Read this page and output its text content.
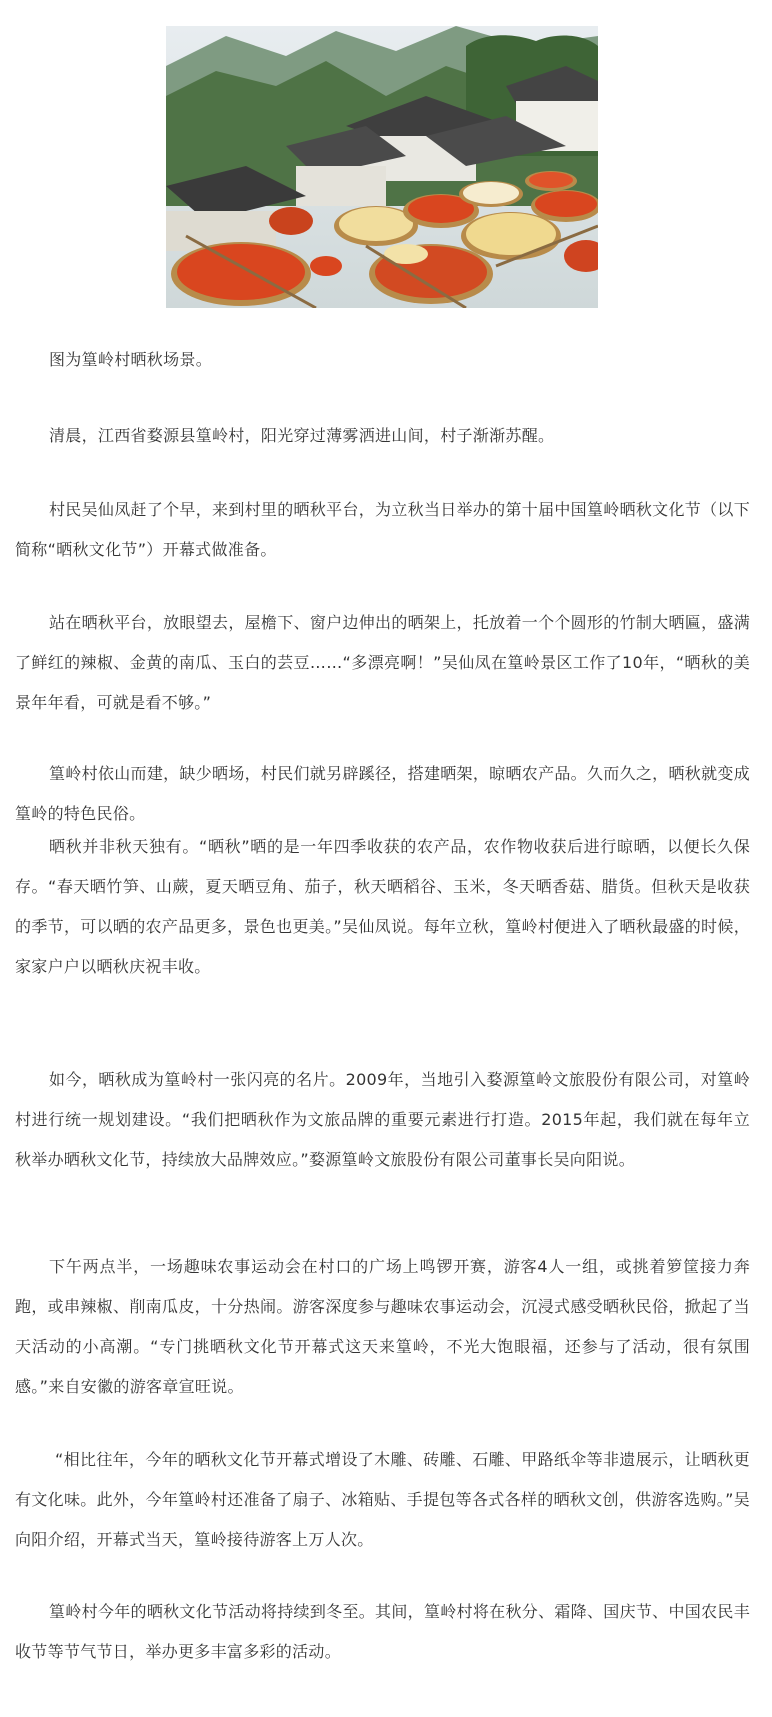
图为篁岭村晒秋场景。

清晨，江西省婺源县篁岭村，阳光穿过薄雾洒进山间，村子渐渐苏醒。

村民吴仙凤赶了个早，来到村里的晒秋平台，为立秋当日举办的第十届中国篁岭晒秋文化节（以下简称“晒秋文化节”）开幕式做准备。

站在晒秋平台，放眼望去，屋檐下、窗户边伸出的晒架上，托放着一个个圆形的竹制大晒匾，盛满了鲜红的辣椒、金黄的南瓜、玉白的芸豆……“多漂亮啊！”吴仙凤在篁岭景区工作了10年，“晒秋的美景年年看，可就是看不够。”

篁岭村依山而建，缺少晒场，村民们就另辟蹊径，搭建晒架，晾晒农产品。久而久之，晒秋就变成篁岭的特色民俗。

晒秋并非秋天独有。“晒秋”晒的是一年四季收获的农产品，农作物收获后进行晾晒，以便长久保存。“春天晒竹笋、山蕨，夏天晒豆角、茄子，秋天晒稻谷、玉米，冬天晒香菇、腊货。但秋天是收获的季节，可以晒的农产品更多，景色也更美。”吴仙凤说。每年立秋，篁岭村便进入了晒秋最盛的时候，家家户户以晒秋庆祝丰收。

如今，晒秋成为篁岭村一张闪亮的名片。2009年，当地引入婺源篁岭文旅股份有限公司，对篁岭村进行统一规划建设。“我们把晒秋作为文旅品牌的重要元素进行打造。2015年起，我们就在每年立秋举办晒秋文化节，持续放大品牌效应。”婺源篁岭文旅股份有限公司董事长吴向阳说。

下午两点半，一场趣味农事运动会在村口的广场上鸣锣开赛，游客4人一组，或挑着箩筐接力奔跑，或串辣椒、削南瓜皮，十分热闹。游客深度参与趣味农事运动会，沉浸式感受晒秋民俗，掀起了当天活动的小高潮。“专门挑晒秋文化节开幕式这天来篁岭，不光大饱眼福，还参与了活动，很有氛围感。”来自安徽的游客章宣旺说。

“相比往年，今年的晒秋文化节开幕式增设了木雕、砖雕、石雕、甲路纸伞等非遗展示，让晒秋更有文化味。此外，今年篁岭村还准备了扇子、冰箱贴、手提包等各式各样的晒秋文创，供游客选购。”吴向阳介绍，开幕式当天，篁岭接待游客上万人次。

篁岭村今年的晒秋文化节活动将持续到冬至。其间，篁岭村将在秋分、霜降、国庆节、中国农民丰收节等节气节日，举办更多丰富多彩的活动。
